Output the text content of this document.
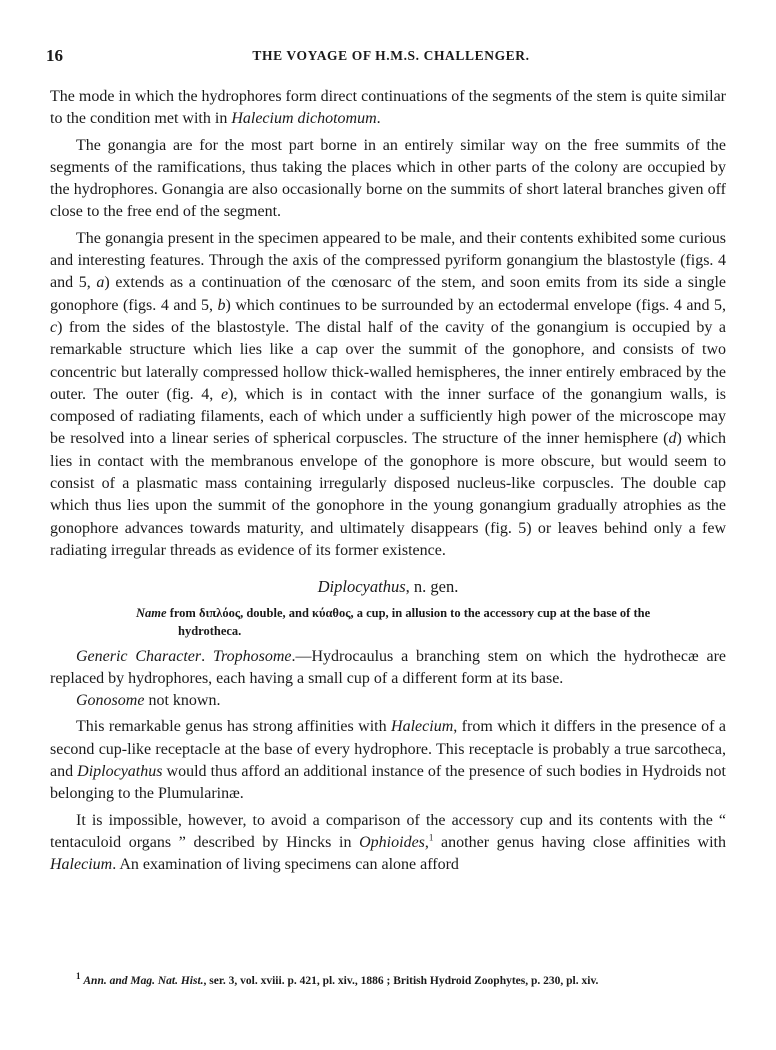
16	THE VOYAGE OF H.M.S. CHALLENGER.

The mode in which the hydrophores form direct continuations of the segments of the stem is quite similar to the condition met with in Halecium dichotomum.

The gonangia are for the most part borne in an entirely similar way on the free summits of the segments of the ramifications, thus taking the places which in other parts of the colony are occupied by the hydrophores. Gonangia are also occasionally borne on the summits of short lateral branches given off close to the free end of the segment.

The gonangia present in the specimen appeared to be male, and their contents exhibited some curious and interesting features. Through the axis of the compressed pyriform gonangium the blastostyle (figs. 4 and 5, a) extends as a continuation of the cœnosarc of the stem, and soon emits from its side a single gonophore (figs. 4 and 5, b) which continues to be surrounded by an ectodermal envelope (figs. 4 and 5, c) from the sides of the blastostyle. The distal half of the cavity of the gonangium is occupied by a remarkable structure which lies like a cap over the summit of the gonophore, and consists of two concentric but laterally compressed hollow thick-walled hemispheres, the inner entirely embraced by the outer. The outer (fig. 4, e), which is in contact with the inner surface of the gonangium walls, is composed of radiating filaments, each of which under a sufficiently high power of the microscope may be resolved into a linear series of spherical corpuscles. The structure of the inner hemisphere (d) which lies in contact with the membranous envelope of the gonophore is more obscure, but would seem to consist of a plasmatic mass containing irregularly disposed nucleus-like corpuscles. The double cap which thus lies upon the summit of the gonophore in the young gonangium gradually atrophies as the gonophore advances towards maturity, and ultimately disappears (fig. 5) or leaves behind only a few radiating irregular threads as evidence of its former existence.

Diplocyathus, n. gen.

Name from διπλόος, double, and κύαθος, a cup, in allusion to the accessory cup at the base of the
hydrotheca.

Generic Character. Trophosome.—Hydrocaulus a branching stem on which the hydrothecæ are replaced by hydrophores, each having a small cup of a different form at its base.

Gonosome not known.

This remarkable genus has strong affinities with Halecium, from which it differs in the presence of a second cup-like receptacle at the base of every hydrophore. This receptacle is probably a true sarcotheca, and Diplocyathus would thus afford an additional instance of the presence of such bodies in Hydroids not belonging to the Plumularinæ.

It is impossible, however, to avoid a comparison of the accessory cup and its contents with the “ tentaculoid organs ” described by Hincks in Ophioides,$^1$ another genus having close affinities with Halecium. An examination of living specimens can alone afford

$^1$ Ann. and Mag. Nat. Hist., ser. 3, vol. xviii. p. 421, pl. xiv., 1886 ; British Hydroid Zoophytes, p. 230, pl. xiv.
